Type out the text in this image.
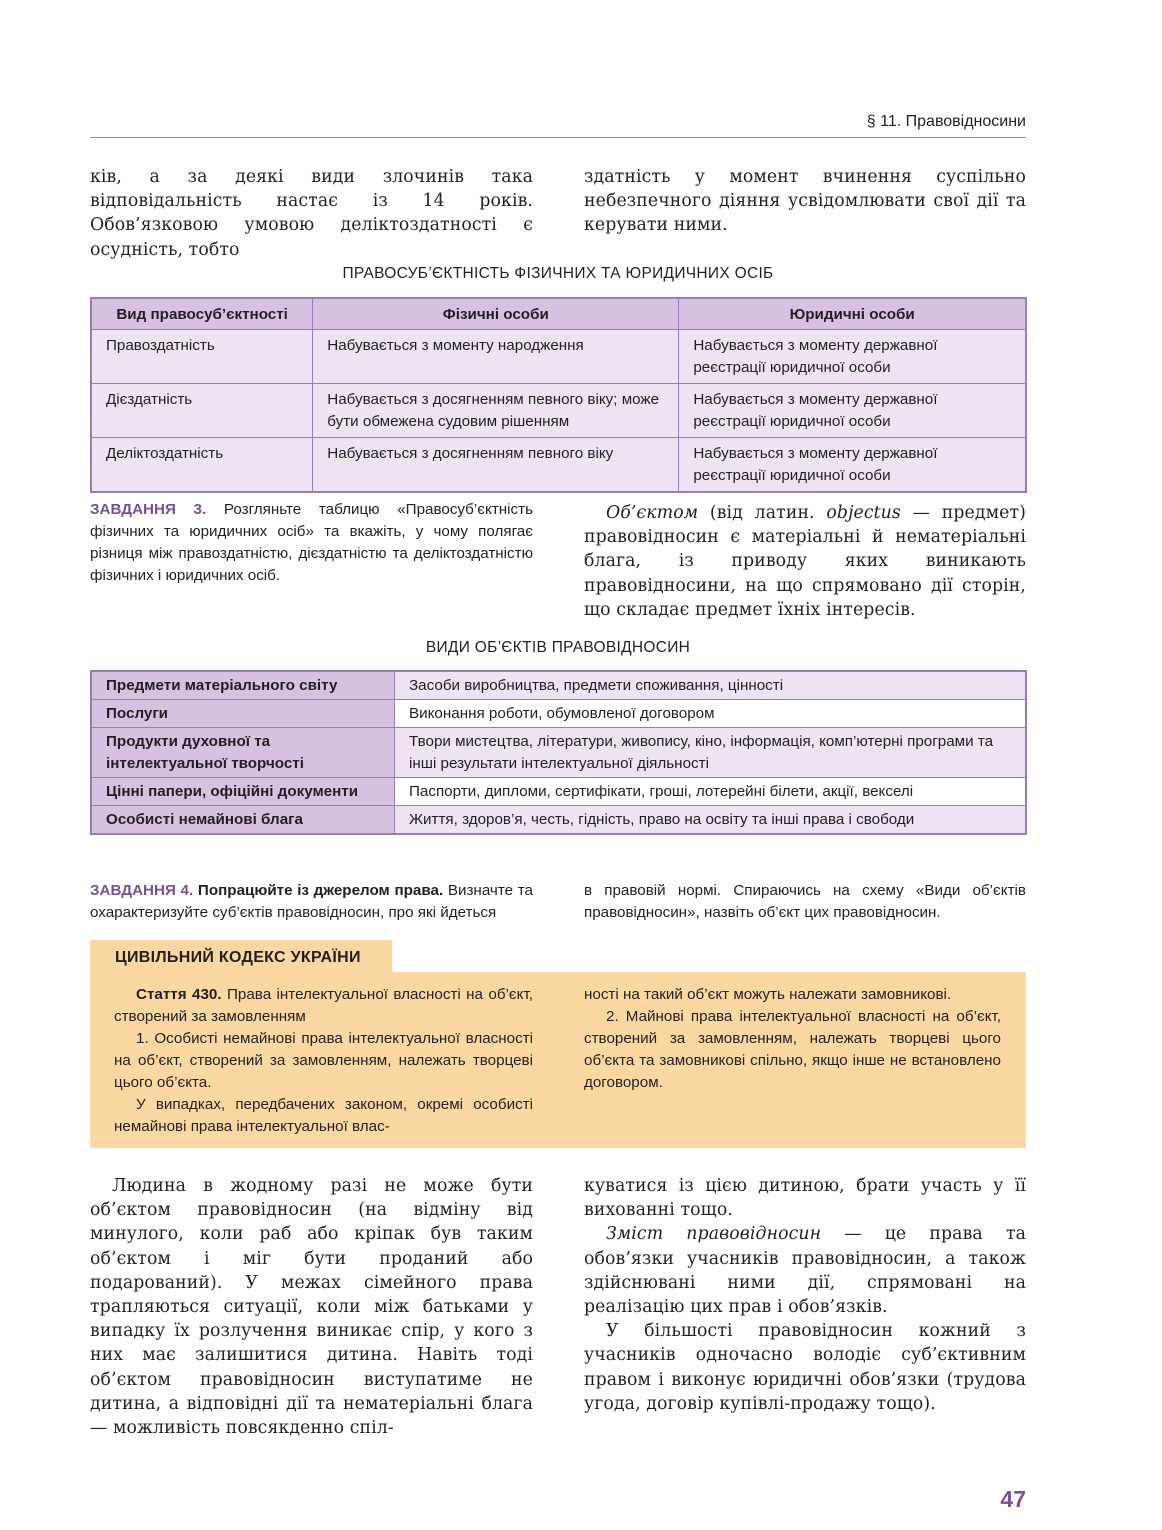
§ 11. Правовідносини

ків, а за деякі види злочинів така відповідальність настає із 14 років. Обов’язковою умовою деліктоздатності є осудність, тобто

здатність у момент вчинення суспільно небезпечного діяння усвідомлювати свої дії та керувати ними.

ПРАВОСУБ’ЄКТНІСТЬ ФІЗИЧНИХ ТА ЮРИДИЧНИХ ОСІБ
Вид правосуб’єктності	Фізичні особи	Юридичні особи
Правоздатність	Набувається з моменту народження	Набувається з моменту державної реєстрації юридичної особи
Дієздатність	Набувається з досягненням певного віку; може бути обмежена судовим рішенням	Набувається з моменту державної реєстрації юридичної особи
Деліктоздатність	Набувається з досягненням певного віку	Набувається з моменту державної реєстрації юридичної особи
ЗАВДАННЯ 3. Розгляньте таблицю «Правосуб’єктність фізичних та юридичних осіб» та вкажіть, у чому полягає різниця між правоздатністю, дієздатністю та деліктоздатністю фізичних і юридичних осіб.

Об’єктом (від латин. objectus — предмет) правовідносин є матеріальні й нематеріальні блага, із приводу яких виникають правовідносини, на що спрямовано дії сторін, що складає предмет їхніх інтересів.

ВИДИ ОБ’ЄКТІВ ПРАВОВІДНОСИН
Предмети матеріального світу	Засоби виробництва, предмети споживання, цінності
Послуги	Виконання роботи, обумовленої договором
Продукти духовної та інтелектуальної творчості	Твори мистецтва, літератури, живопису, кіно, інформація, комп’ютерні програми та інші результати інтелектуальної діяльності
Цінні папери, офіційні документи	Паспорти, дипломи, сертифікати, гроші, лотерейні білети, акції, векселі
Особисті немайнові блага	Життя, здоров’я, честь, гідність, право на освіту та інші права і свободи
ЗАВДАННЯ 4. Попрацюйте із джерелом права. Визначте та охарактеризуйте суб’єктів правовідносин, про які йдеться
в правовій нормі. Спираючись на схему «Види об’єктів правовідносин», назвіть об’єкт цих правовідносин.
ЦИВІЛЬНИЙ КОДЕКС УКРАЇНИ

Стаття 430. Права інтелектуальної власності на об’єкт, створений за замовленням

1. Особисті немайнові права інтелектуальної власності на об’єкт, створений за замовленням, належать творцеві цього об’єкта.

У випадках, передбачених законом, окремі особисті немайнові права інтелектуальної влас-

ності на такий об’єкт можуть належати замовникові.

2. Майнові права інтелектуальної власності на об’єкт, створений за замовленням, належать творцеві цього об’єкта та замовникові спільно, якщо інше не встановлено договором.

Людина в жодному разі не може бути об’єктом правовідносин (на відміну від минулого, коли раб або кріпак був таким об’єктом і міг бути проданий або подарований). У межах сімейного права трапляються ситуації, коли між батьками у випадку їх розлучення виникає спір, у кого з них має залишитися дитина. Навіть тоді об’єктом правовідносин виступатиме не дитина, а відповідні дії та нематеріальні блага — можливість повсякденно спіл-

куватися із цією дитиною, брати участь у її вихованні тощо.

Зміст правовідносин — це права та обов’язки учасників правовідносин, а також здійснювані ними дії, спрямовані на реалізацію цих прав і обов’язків.

У більшості правовідносин кожний з учасників одночасно володіє суб’єктивним правом і виконує юридичні обов’язки (трудова угода, договір купівлі-продажу тощо).

47
